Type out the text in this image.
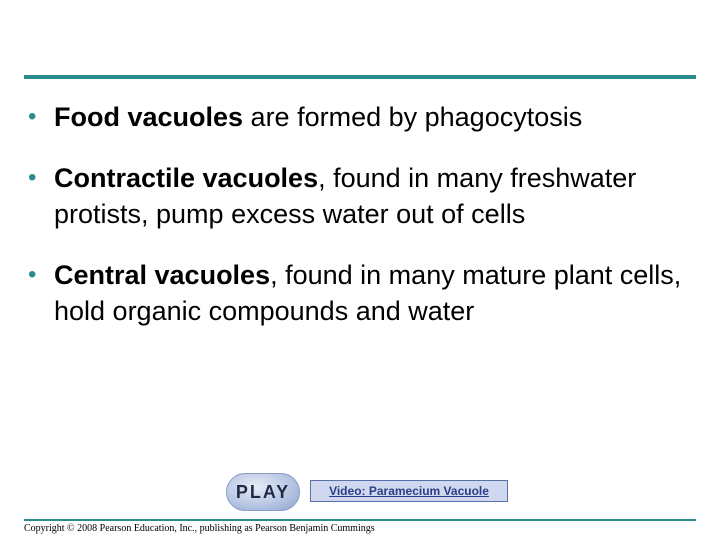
• Food vacuoles are formed by phagocytosis
• Contractile vacuoles, found in many freshwater protists, pump excess water out of cells
• Central vacuoles, found in many mature plant cells, hold organic compounds and water
PLAY	Video: Paramecium Vacuole
Copyright © 2008 Pearson Education, Inc., publishing as Pearson Benjamin Cummings
